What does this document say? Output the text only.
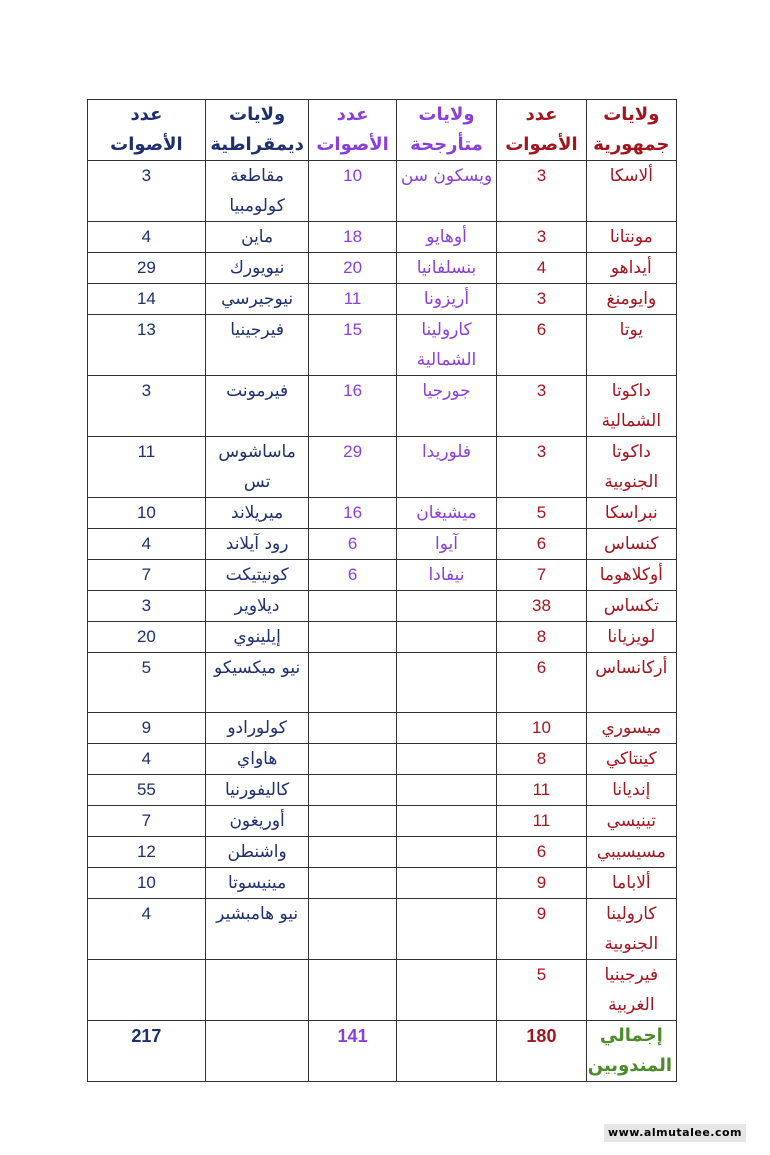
ولايات جمهورية	عدد الأصوات	ولايات متأرجحة	عدد الأصوات	ولايات ديمقراطية	عدد الأصوات
ألاسكا	3	ويسكون سن	10	مقاطعة كولومبيا	3
مونتانا	3	أوهايو	18	ماين	4
أيداهو	4	بنسلفانيا	20	نيويورك	29
وايومنغ	3	أريزونا	11	نيوجيرسي	14
يوتا	6	كارولينا الشمالية	15	فيرجينيا	13
داكوتا الشمالية	3	جورجيا	16	فيرمونت	3
داكوتا الجنوبية	3	فلوريدا	29	ماساشوس تس	11
نبراسكا	5	ميشيغان	16	ميريلاند	10
كنساس	6	آيوا	6	رود آيلاند	4
أوكلاهوما	7	نيفادا	6	كونيتيكت	7
تكساس	38			ديلاوير	3
لويزيانا	8			إيلينوي	20
أركانساس	6			نيو ميكسيكو	5
ميسوري	10			كولورادو	9
كينتاكي	8			هاواي	4
إنديانا	11			كاليفورنيا	55
تينيسي	11			أوريغون	7
مسيسيبي	6			واشنطن	12
ألاباما	9			مينيسوتا	10
كارولينا الجنوبية	9			نيو هامبشير	4
فيرجينيا الغربية	5				
إجمالي المندوبين	180		141		217
www.almutalee.com
